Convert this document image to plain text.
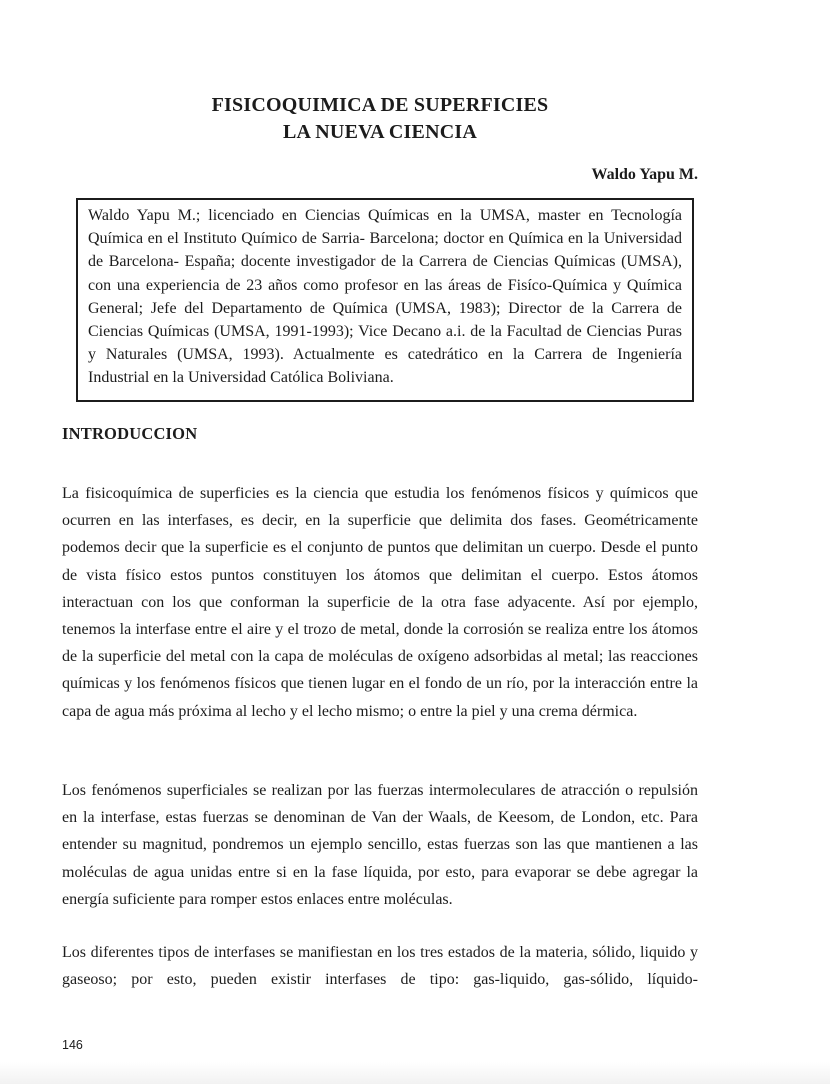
FISICOQUIMICA DE SUPERFICIES
LA NUEVA CIENCIA
Waldo Yapu M.
Waldo Yapu M.; licenciado en Ciencias Químicas en la UMSA, master en Tecnología Química en el Instituto Químico de Sarria- Barcelona; doctor en Química en la Universidad de Barcelona- España; docente investigador de la Carrera de Ciencias Químicas (UMSA), con una experiencia de 23 años como profesor en las áreas de Fisíco-Química y Química General; Jefe del Departamento de Química (UMSA, 1983); Director de la Carrera de Ciencias Químicas (UMSA, 1991-1993); Vice Decano a.i. de la Facultad de Ciencias Puras y Naturales (UMSA, 1993). Actualmente es catedrático en la Carrera de Ingeniería Industrial en la Universidad Católica Boliviana.
INTRODUCCION

La fisicoquímica de superficies es la ciencia que estudia los fenómenos físicos y químicos que ocurren en las interfases, es decir, en la superficie que delimita dos fases. Geométricamente podemos decir que la superficie es el conjunto de puntos que delimitan un cuerpo. Desde el punto de vista físico estos puntos constituyen los átomos que delimitan el cuerpo. Estos átomos interactuan con los que conforman la superficie de la otra fase adyacente. Así por ejemplo, tenemos la interfase entre el aire y el trozo de metal, donde la corrosión se realiza entre los átomos de la superficie del metal con la capa de moléculas de oxígeno adsorbidas al metal; las reacciones químicas y los fenómenos físicos que tienen lugar en el fondo de un río, por la interacción entre la capa de agua más próxima al lecho y el lecho mismo; o entre la piel y una crema dérmica.

Los fenómenos superficiales se realizan por las fuerzas intermoleculares de atracción o repulsión en la interfase, estas fuerzas se denominan de Van der Waals, de Keesom, de London, etc. Para entender su magnitud, pondremos un ejemplo sencillo, estas fuerzas son las que mantienen a las moléculas de agua unidas entre si en la fase líquida, por esto, para evaporar se debe agregar la energía suficiente para romper estos enlaces entre moléculas.

Los diferentes tipos de interfases se manifiestan en los tres estados de la materia, sólido, liquido y gaseoso; por esto, pueden existir interfases de tipo: gas-liquido, gas-sólido, líquido-

146
